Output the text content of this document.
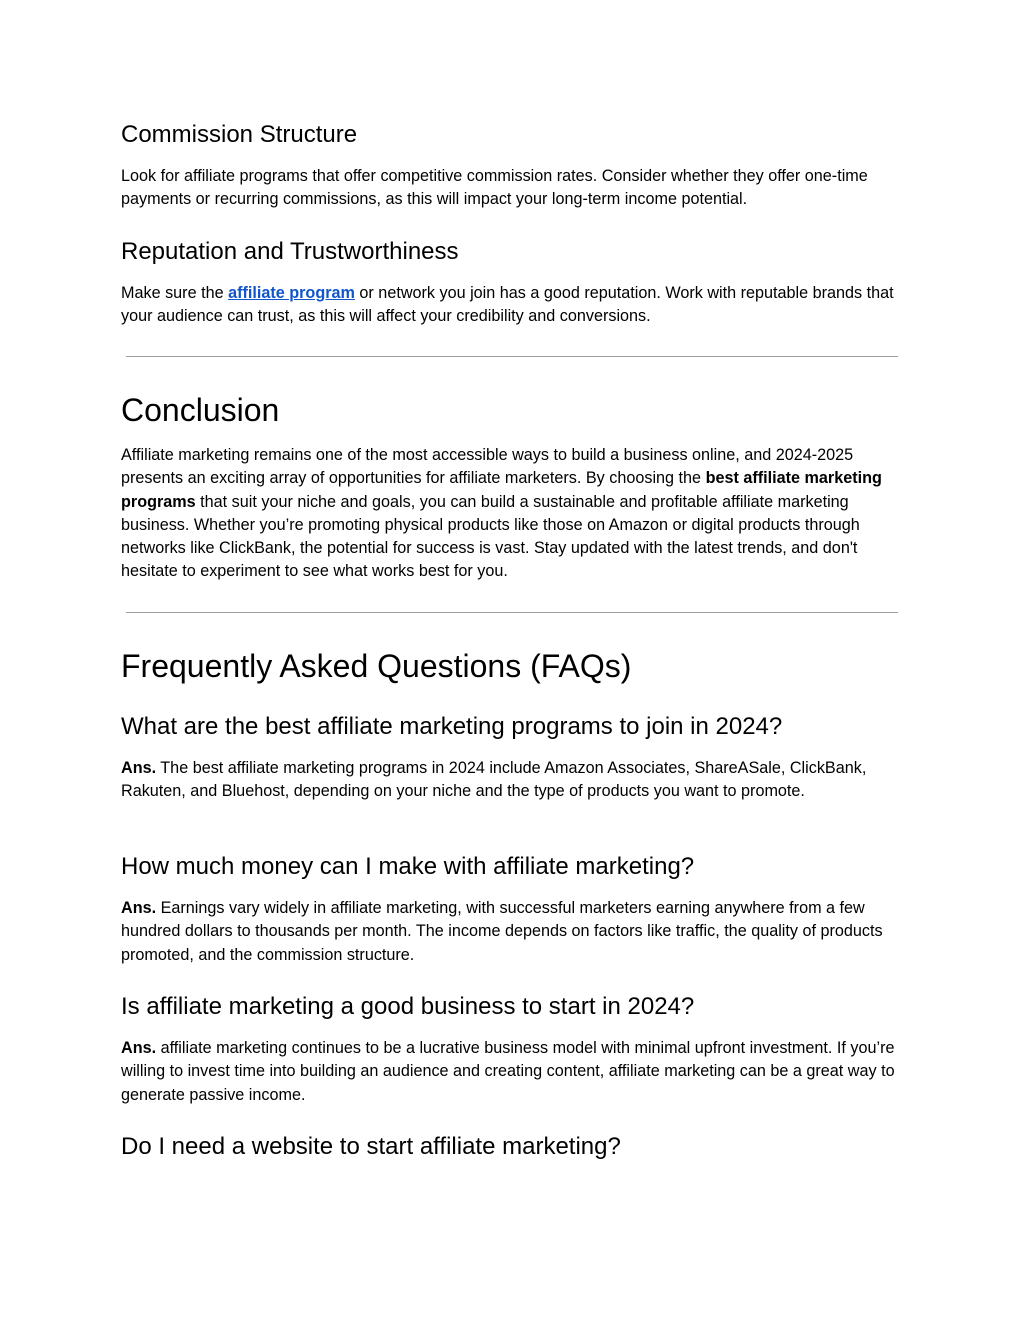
Commission Structure

Look for affiliate programs that offer competitive commission rates. Consider whether they offer one-time payments or recurring commissions, as this will impact your long-term income potential.

Reputation and Trustworthiness

Make sure the affiliate program or network you join has a good reputation. Work with reputable brands that your audience can trust, as this will affect your credibility and conversions.

Conclusion

Affiliate marketing remains one of the most accessible ways to build a business online, and 2024-2025 presents an exciting array of opportunities for affiliate marketers. By choosing the best affiliate marketing programs that suit your niche and goals, you can build a sustainable and profitable affiliate marketing business. Whether you’re promoting physical products like those on Amazon or digital products through networks like ClickBank, the potential for success is vast. Stay updated with the latest trends, and don't hesitate to experiment to see what works best for you.

Frequently Asked Questions (FAQs)
What are the best affiliate marketing programs to join in 2024?

Ans. The best affiliate marketing programs in 2024 include Amazon Associates, ShareASale, ClickBank, Rakuten, and Bluehost, depending on your niche and the type of products you want to promote.

How much money can I make with affiliate marketing?

Ans. Earnings vary widely in affiliate marketing, with successful marketers earning anywhere from a few hundred dollars to thousands per month. The income depends on factors like traffic, the quality of products promoted, and the commission structure.

Is affiliate marketing a good business to start in 2024?

Ans. affiliate marketing continues to be a lucrative business model with minimal upfront investment. If you’re willing to invest time into building an audience and creating content, affiliate marketing can be a great way to generate passive income.

Do I need a website to start affiliate marketing?
